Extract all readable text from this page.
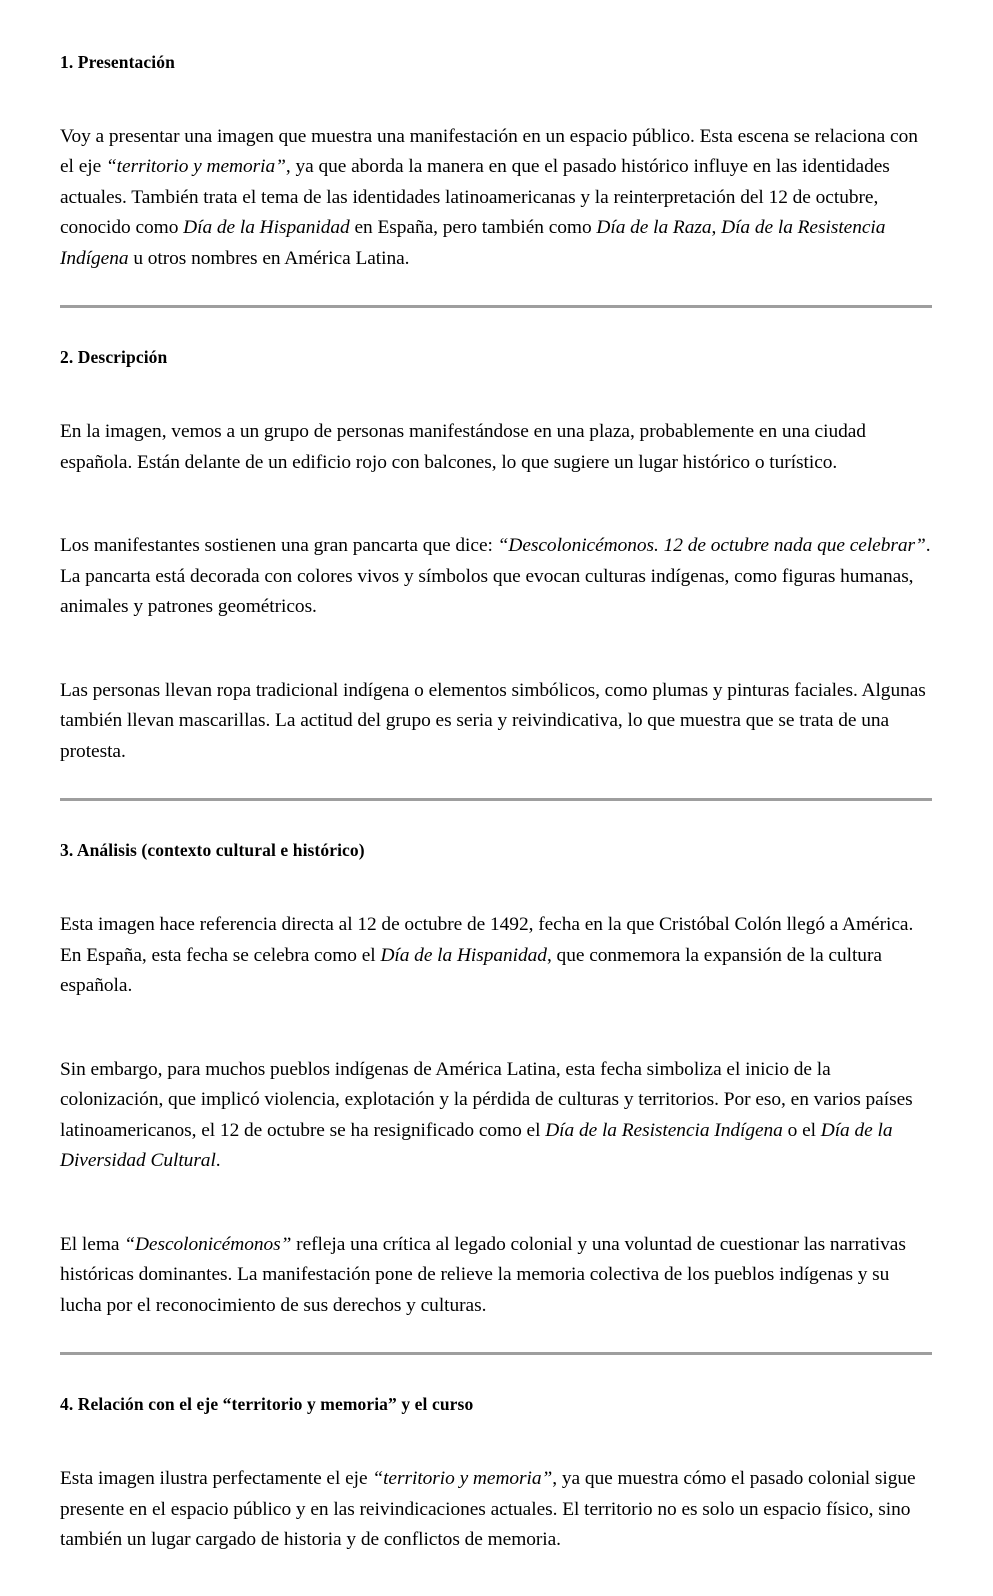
1. Presentación

Voy a presentar una imagen que muestra una manifestación en un espacio público. Esta escena se relaciona con el eje “territorio y memoria”, ya que aborda la manera en que el pasado histórico influye en las identidades actuales. También trata el tema de las identidades latinoamericanas y la reinterpretación del 12 de octubre, conocido como Día de la Hispanidad en España, pero también como Día de la Raza, Día de la Resistencia Indígena u otros nombres en América Latina.

2. Descripción

En la imagen, vemos a un grupo de personas manifestándose en una plaza, probablemente en una ciudad española. Están delante de un edificio rojo con balcones, lo que sugiere un lugar histórico o turístico.

Los manifestantes sostienen una gran pancarta que dice: “Descolonicémonos. 12 de octubre nada que celebrar”. La pancarta está decorada con colores vivos y símbolos que evocan culturas indígenas, como figuras humanas, animales y patrones geométricos.

Las personas llevan ropa tradicional indígena o elementos simbólicos, como plumas y pinturas faciales. Algunas también llevan mascarillas. La actitud del grupo es seria y reivindicativa, lo que muestra que se trata de una protesta.

3. Análisis (contexto cultural e histórico)

Esta imagen hace referencia directa al 12 de octubre de 1492, fecha en la que Cristóbal Colón llegó a América. En España, esta fecha se celebra como el Día de la Hispanidad, que conmemora la expansión de la cultura española.

Sin embargo, para muchos pueblos indígenas de América Latina, esta fecha simboliza el inicio de la colonización, que implicó violencia, explotación y la pérdida de culturas y territorios. Por eso, en varios países latinoamericanos, el 12 de octubre se ha resignificado como el Día de la Resistencia Indígena o el Día de la Diversidad Cultural.

El lema “Descolonicémonos” refleja una crítica al legado colonial y una voluntad de cuestionar las narrativas históricas dominantes. La manifestación pone de relieve la memoria colectiva de los pueblos indígenas y su lucha por el reconocimiento de sus derechos y culturas.

4. Relación con el eje “territorio y memoria” y el curso

Esta imagen ilustra perfectamente el eje “territorio y memoria”, ya que muestra cómo el pasado colonial sigue presente en el espacio público y en las reivindicaciones actuales. El territorio no es solo un espacio físico, sino también un lugar cargado de historia y de conflictos de memoria.
